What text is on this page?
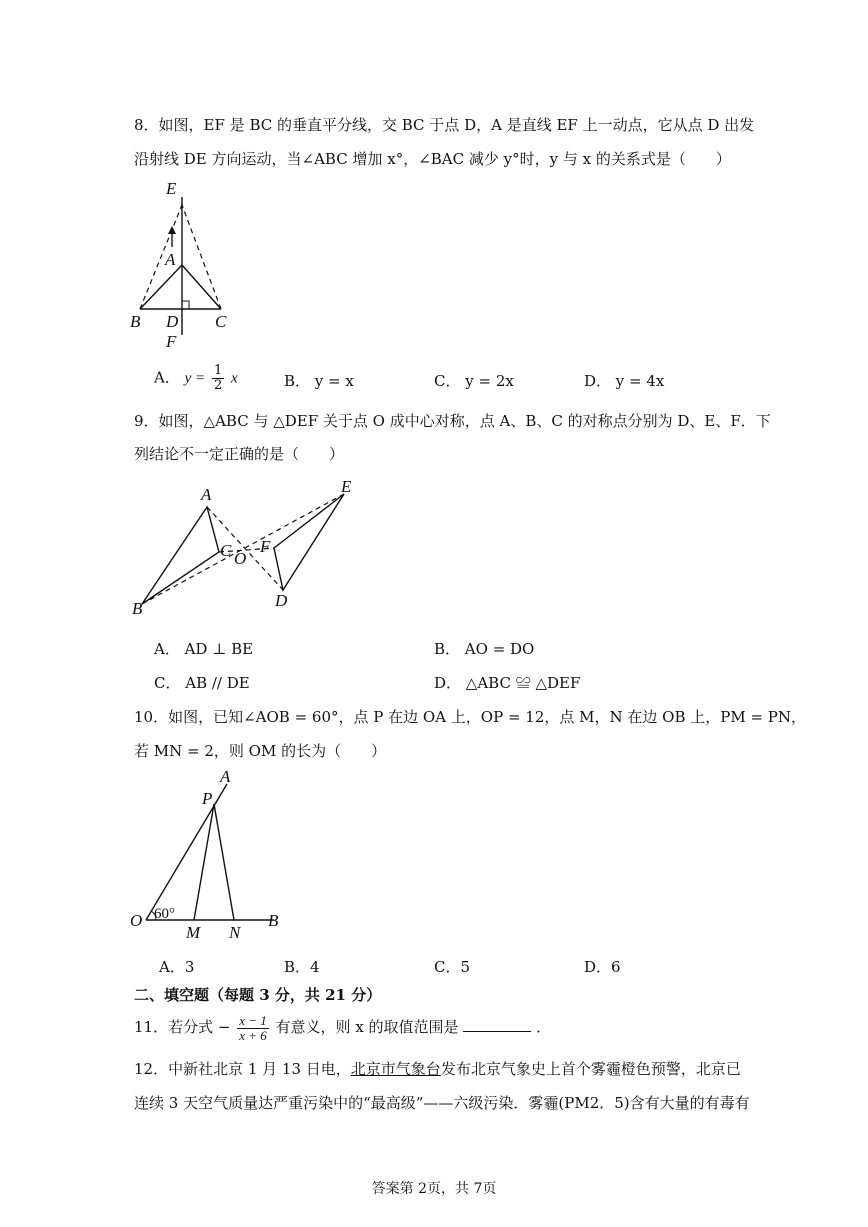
8．如图，EF 是 BC 的垂直平分线，交 BC 于点 D，A 是直线 EF 上一动点，它从点 D 出发
沿射线 DE 方向运动，当∠ABC 增加 x°，∠BAC 减少 y°时，y 与 x 的关系式是（　　）
E
A
B D C
F
A． $y = \frac{1}{2}$ x	B． y = x	C． y = 2x	D． y = 4x
9．如图，△ABC 与 △DEF 关于点 O 成中心对称，点 A、B、C 的对称点分别为 D、E、F．下
列结论不一定正确的是（　　）
A
B
C O
F
E
D
A． AD ⊥ BE	B． AO = DO
C． AB // DE	D． △ABC ≌ △DEF
10．如图，已知∠AOB = 60°，点 P 在边 OA 上，OP = 12，点 M，N 在边 OB 上，PM = PN，
若 MN = 2，则 OM 的长为（　　）
A
P
O 60°
M N
B
A．3	B．4	C．5	D．6
二、填空题（每题 3 分，共 21 分）
11．若分式 − $\frac{x - 1}{x + 6}$ 有意义，则 x 的取值范围是	．
12．中新社北京 1 月 13 日电，北京市气象台发布北京气象史上首个雾霾橙色预警，北京已
连续 3 天空气质量达严重污染中的“最高级”——六级污染．雾霾(PM2．5)含有大量的有毒有
答案第 2页，共 7页
